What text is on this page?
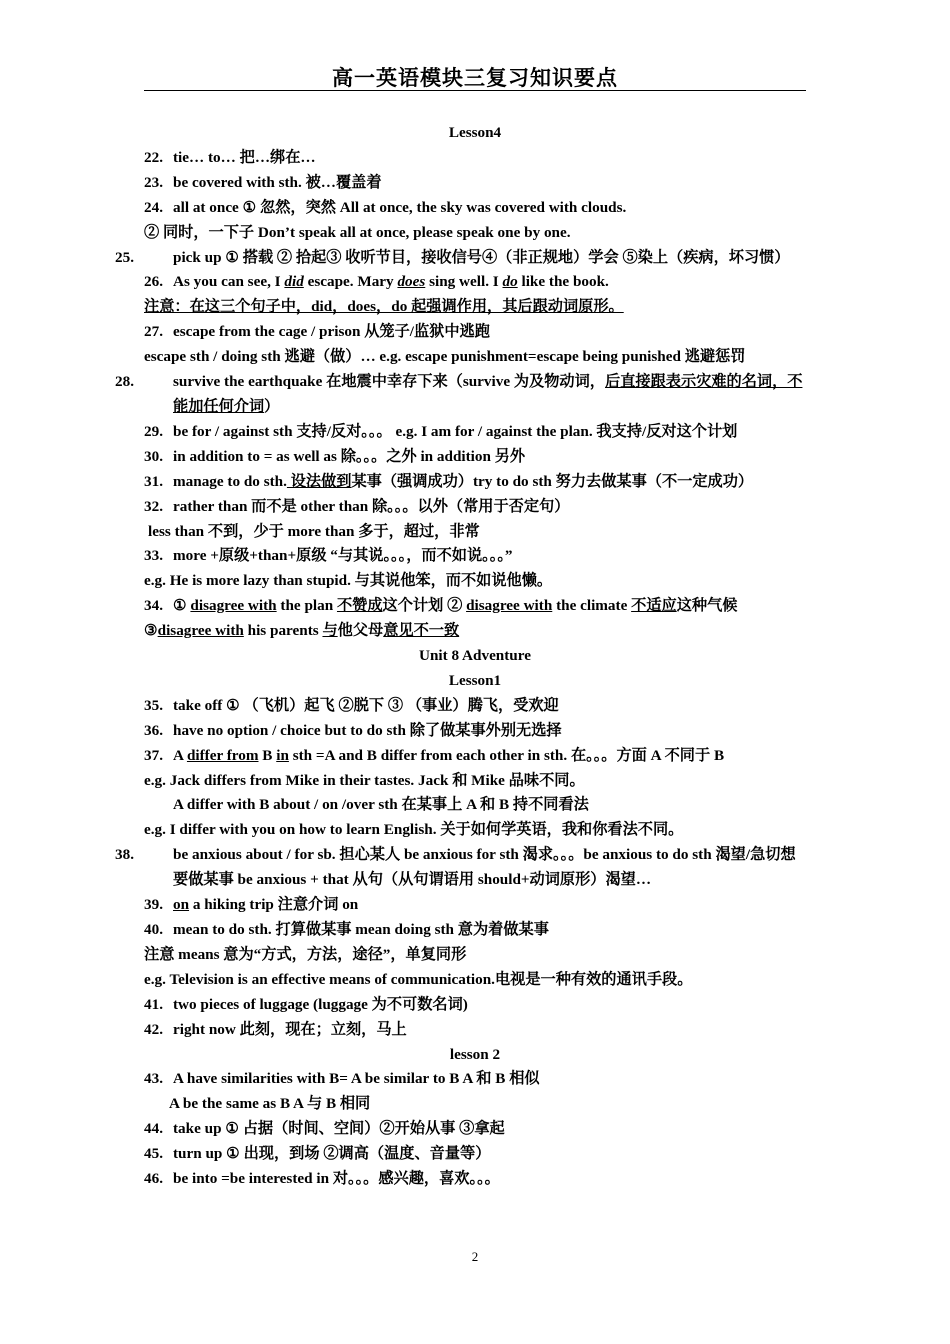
高一英语模块三复习知识要点
Lesson4
22. tie… to… 把…绑在…
23. be covered with sth. 被…覆盖着
24. all at once ① 忽然，突然 All at once, the sky was covered with clouds.
② 同时，一下子 Don’t speak all at once, please speak one by one.
25.	pick up ① 搭载 ② 拾起③ 收听节目，接收信号④（非正规地）学会 ⑤染上（疾病，坏习惯）
26. As you can see, I did escape. Mary does sing well. I do like the book.
注意：在这三个句子中，did，does，do 起强调作用，其后跟动词原形。
27. escape from the cage / prison 从笼子/监狱中逃跑
escape sth / doing sth 逃避（做）… e.g. escape punishment=escape being punished 逃避惩罚
28.	survive the earthquake 在地震中幸存下来（survive 为及物动词，后直接跟表示灾难的名词，不能加任何介词）
29. be for / against sth 支持/反对。。。 e.g. I am for / against the plan. 我支持/反对这个计划
30. in addition to = as well as 除。。。之外 in addition 另外
31. manage to do sth. 设法做到某事（强调成功）try to do sth 努力去做某事（不一定成功）
32. rather than 而不是 other than 除。。。以外（常用于否定句）
less than 不到，少于 more than 多于，超过，非常
33. more +原级+than+原级 “与其说。。。，而不如说。。。”
e.g. He is more lazy than stupid. 与其说他笨，而不如说他懒。
34. ① disagree with the plan 不赞成这个计划 ② disagree with the climate 不适应这种气候
③disagree with his parents 与他父母意见不一致
Unit 8 Adventure
Lesson1
35. take off ① （飞机）起飞 ②脱下 ③ （事业）腾飞，受欢迎
36. have no option / choice but to do sth 除了做某事外别无选择
37. A differ from B in sth =A and B differ from each other in sth. 在。。。方面 A 不同于 B
e.g. Jack differs from Mike in their tastes. Jack 和 Mike 品味不同。
A differ with B about / on /over sth 在某事上 A 和 B 持不同看法
e.g. I differ with you on how to learn English. 关于如何学英语，我和你看法不同。
38.	be anxious about / for sb. 担心某人 be anxious for sth 渴求。。。be anxious to do sth 渴望/急切想要做某事 be anxious + that 从句（从句谓语用 should+动词原形）渴望…
39. on a hiking trip 注意介词 on
40. mean to do sth. 打算做某事 mean doing sth 意为着做某事
注意 means 意为“方式，方法，途径”，单复同形
e.g. Television is an effective means of communication.电视是一种有效的通讯手段。
41. two pieces of luggage (luggage 为不可数名词)
42. right now 此刻，现在；立刻，马上
lesson 2
43. A have similarities with B= A be similar to B A 和 B 相似
A be the same as B A 与 B 相同
44. take up ① 占据（时间、空间）②开始从事 ③拿起
45. turn up ① 出现，到场 ②调高（温度、音量等）
46. be into =be interested in 对。。。感兴趣，喜欢。。。
2
